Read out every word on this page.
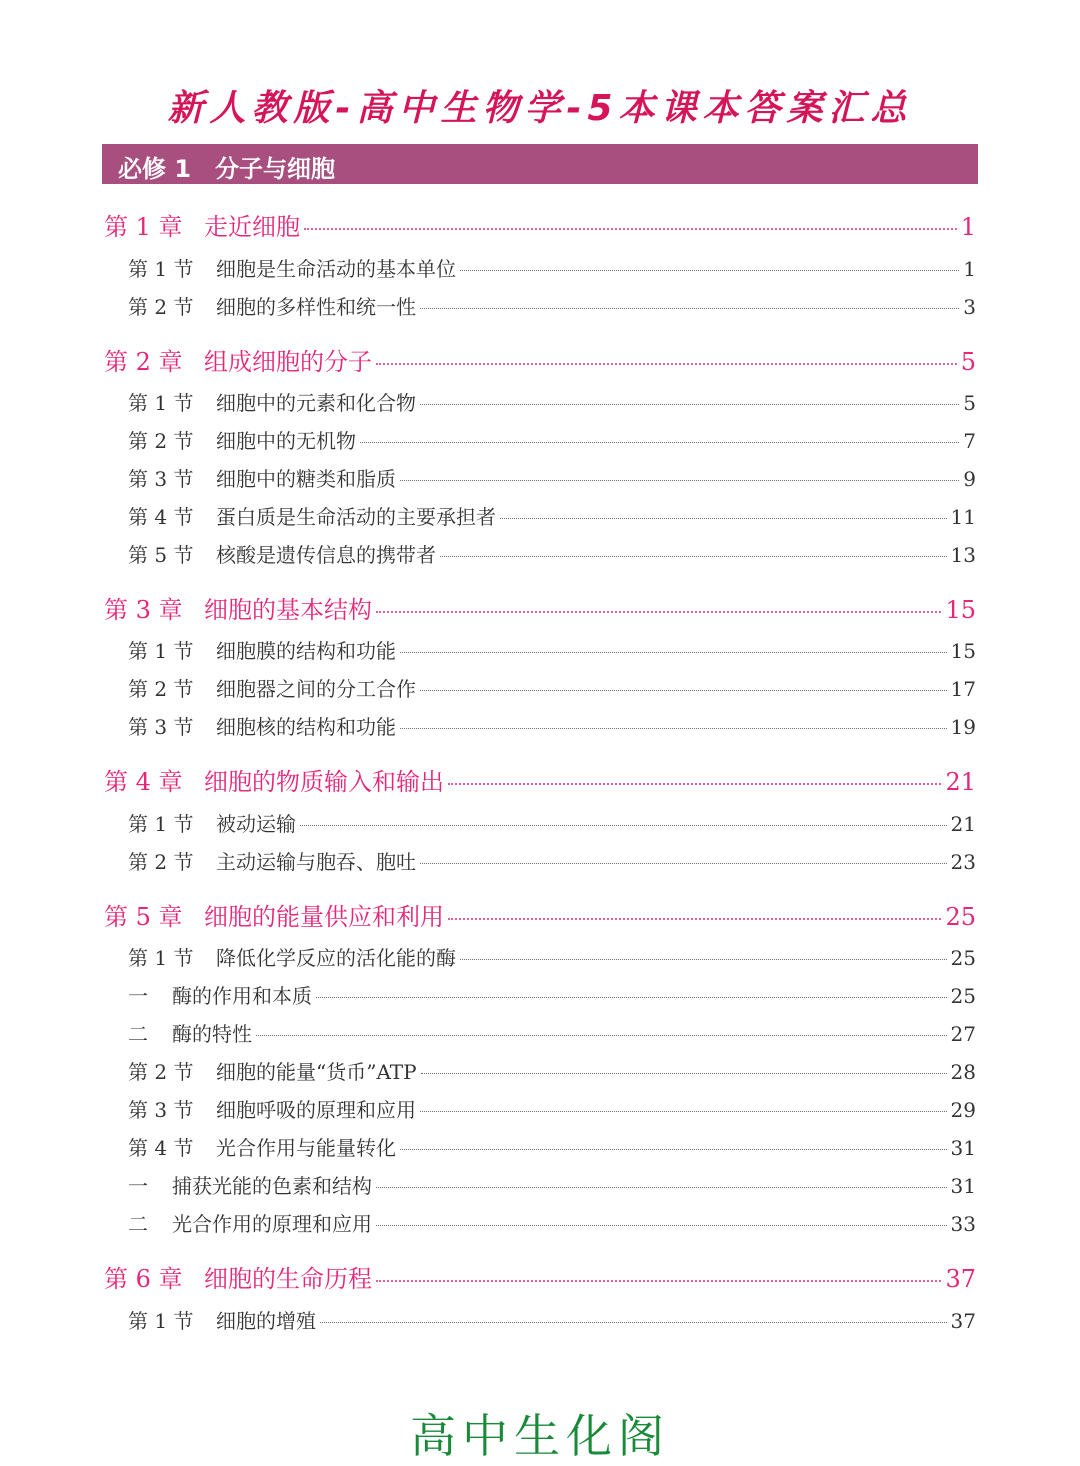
新人教版-高中生物学-5本课本答案汇总
必修 1 分子与细胞
第 1 章 走近细胞	1
第 1 节	细胞是生命活动的基本单位	1
第 2 节	细胞的多样性和统一性	3
第 2 章 组成细胞的分子	5
第 1 节	细胞中的元素和化合物	5
第 2 节	细胞中的无机物	7
第 3 节	细胞中的糖类和脂质	9
第 4 节	蛋白质是生命活动的主要承担者	11
第 5 节	核酸是遗传信息的携带者	13
第 3 章 细胞的基本结构	15
第 1 节	细胞膜的结构和功能	15
第 2 节	细胞器之间的分工合作	17
第 3 节	细胞核的结构和功能	19
第 4 章 细胞的物质输入和输出	21
第 1 节	被动运输	21
第 2 节	主动运输与胞吞、胞吐	23
第 5 章 细胞的能量供应和利用	25
第 1 节	降低化学反应的活化能的酶	25
一	酶的作用和本质	25
二	酶的特性	27
第 2 节	细胞的能量“货币”ATP	28
第 3 节	细胞呼吸的原理和应用	29
第 4 节	光合作用与能量转化	31
一	捕获光能的色素和结构	31
二	光合作用的原理和应用	33
第 6 章 细胞的生命历程	37
第 1 节	细胞的增殖	37
高中生化阁
